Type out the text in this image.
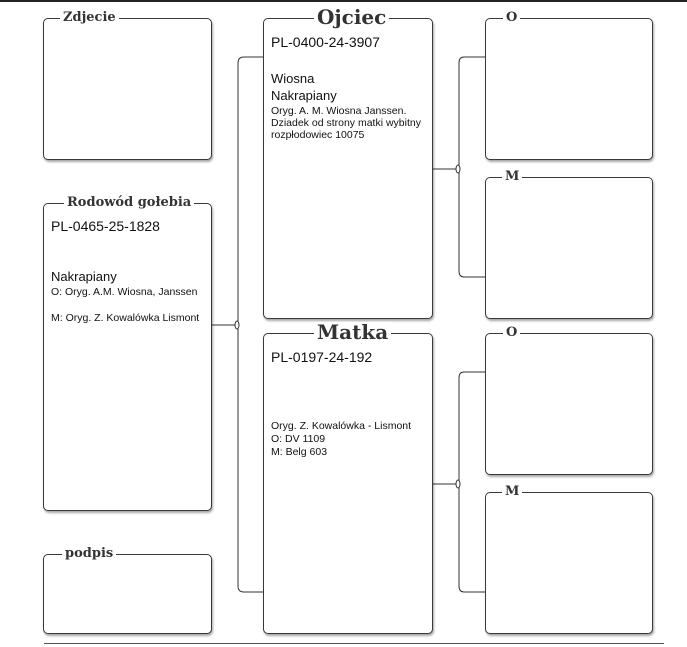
Zdjecie
Rodowód gołebia

PL-0465-25-1828

Nakrapiany

O: Oryg. A.M. Wiosna, Janssen

M: Oryg. Z. Kowalówka Lismont

podpis
Ojciec

PL-0400-24-3907

Wiosna

Nakrapiany

Oryg. A. M. Wiosna Janssen. Dziadek od strony matki wybitny rozpłodowiec 10075

Matka

PL-0197-24-192

Oryg. Z. Kowalówka - Lismont

O: DV 1109

M: Belg 603

O
M
O
M
